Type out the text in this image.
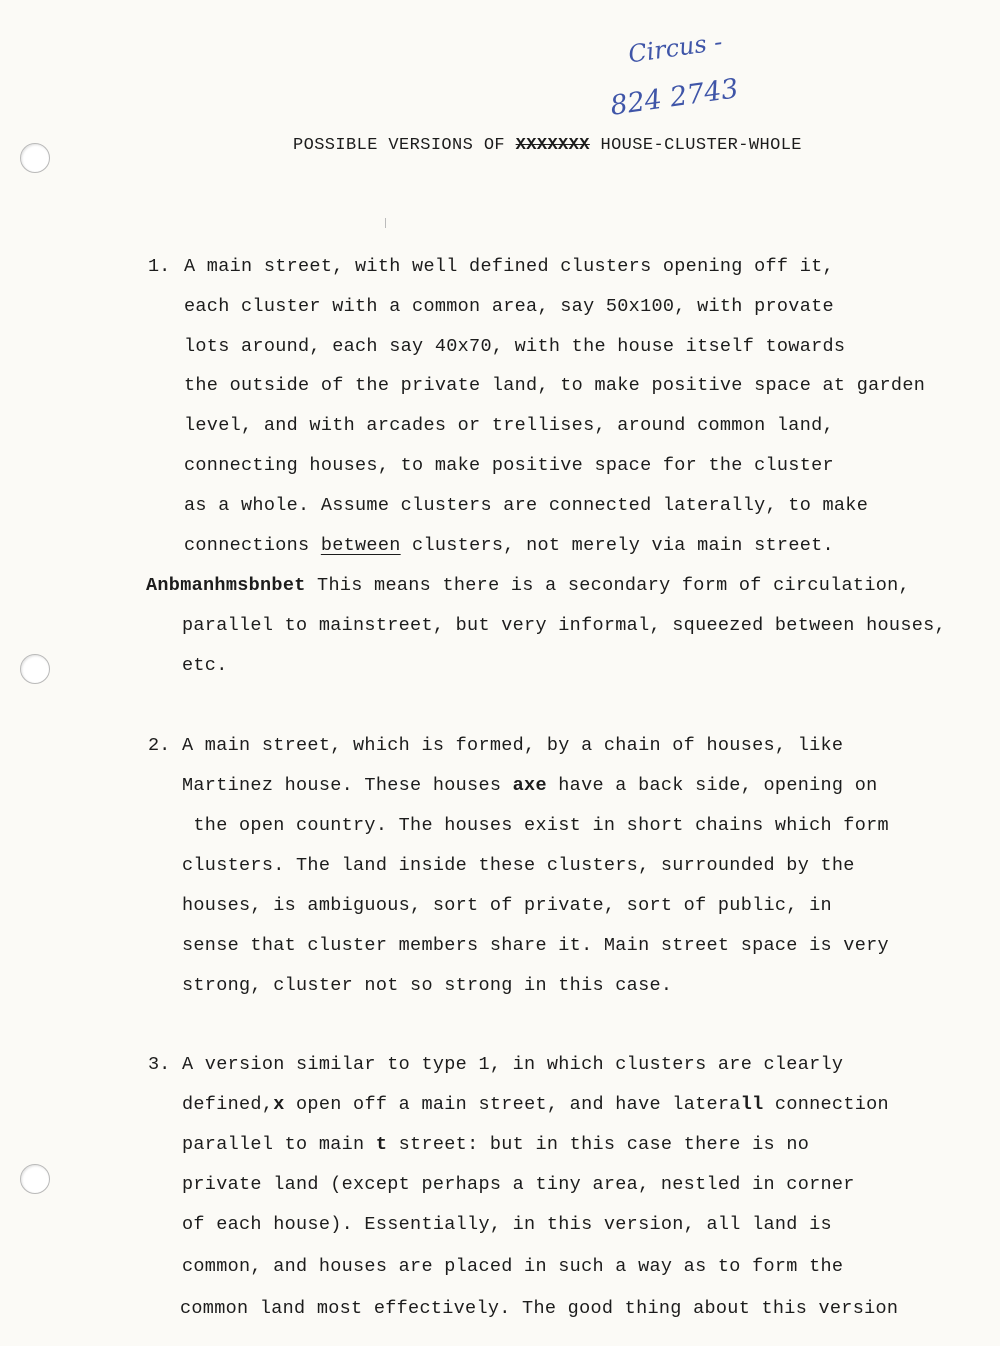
Circus -
824 2743
POSSIBLE VERSIONS OF XXXXXXX HOUSE-CLUSTER-WHOLE
1. A main street, with well defined clusters opening off it,
each cluster with a common area, say 50x100, with provate
lots around, each say 40x70, with the house itself towards
the outside of the private land, to make positive space at garden
level, and with arcades or trellises, around common land,
connecting houses, to make positive space for the cluster
as a whole. Assume clusters are connected laterally, to make
connections between clusters, not merely via main street.
Anbmanhmsbnbet This means there is a secondary form of circulation,
parallel to mainstreet, but very informal, squeezed between houses,
etc.
2. A main street, which is formed, by a chain of houses, like
Martinez house. These houses axe have a back side, opening on
the open country. The houses exist in short chains which form
clusters. The land inside these clusters, surrounded by the
houses, is ambiguous, sort of private, sort of public, in
sense that cluster members share it. Main street space is very
strong, cluster not so strong in this case.
3. A version similar to type 1, in which clusters are clearly
defined,x open off a main street, and have laterall connection
parallel to main t street: but in this case there is no
private land (except perhaps a tiny area, nestled in corner
of each house). Essentially, in this version, all land is
common, and houses are placed in such a way as to form the
common land most effectively. The good thing about this version
